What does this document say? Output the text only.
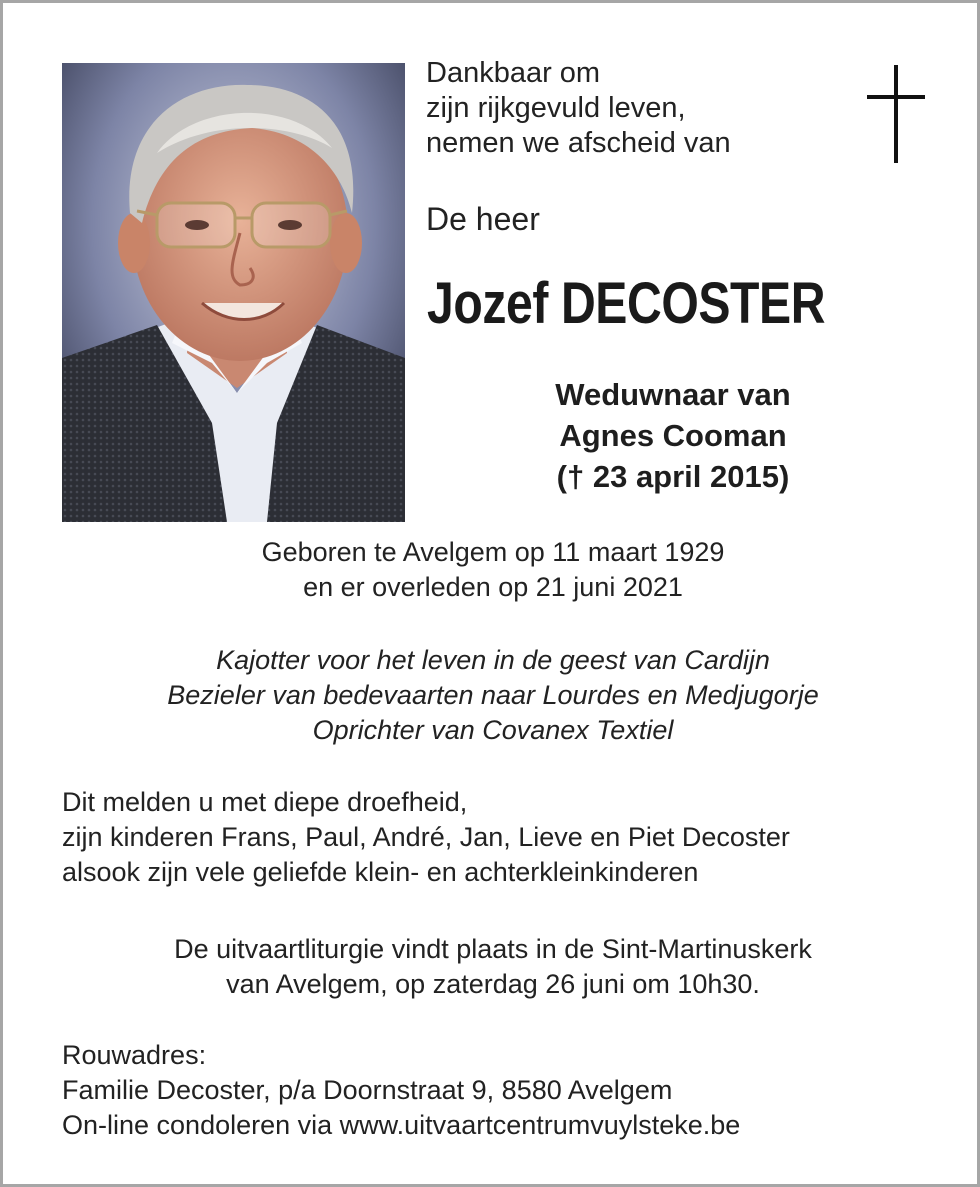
Dankbaar om
zijn rijkgevuld leven,
nemen we afscheid van
De heer
Jozef DECOSTER
Weduwnaar van
Agnes Cooman
(† 23 april 2015)
Geboren te Avelgem op 11 maart 1929
en er overleden op 21 juni 2021
Kajotter voor het leven in de geest van Cardijn
Bezieler van bedevaarten naar Lourdes en Medjugorje
Oprichter van Covanex Textiel
Dit melden u met diepe droefheid,
zijn kinderen Frans, Paul, André, Jan, Lieve en Piet Decoster
alsook zijn vele geliefde klein- en achterkleinkinderen
De uitvaartliturgie vindt plaats in de Sint-Martinuskerk
van Avelgem, op zaterdag 26 juni om 10h30.
Rouwadres:
Familie Decoster, p/a Doornstraat 9, 8580 Avelgem
On-line condoleren via www.uitvaartcentrumvuylsteke.be
